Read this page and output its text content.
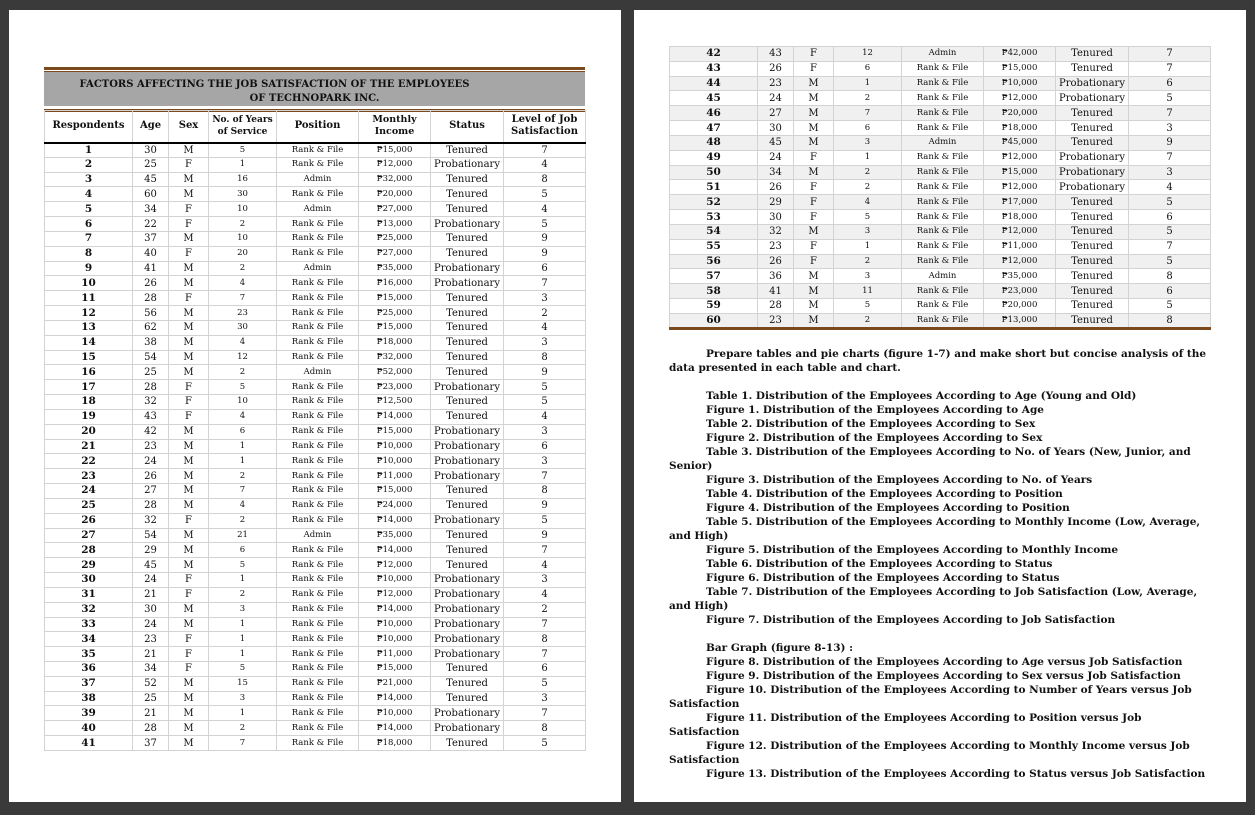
FACTORS AFFECTING THE JOB SATISFACTION OF THE EMPLOYEES
OF TECHNOPARK INC.
Respondents	Age	Sex	No. of Years of Service	Position	Monthly Income	Status	Level of Job Satisfaction
1	30	M	5	Rank & File	₱15,000	Tenured	7
2	25	F	1	Rank & File	₱12,000	Probationary	4
3	45	M	16	Admin	₱32,000	Tenured	8
4	60	M	30	Rank & File	₱20,000	Tenured	5
5	34	F	10	Admin	₱27,000	Tenured	4
6	22	F	2	Rank & File	₱13,000	Probationary	5
7	37	M	10	Rank & File	₱25,000	Tenured	9
8	40	F	20	Rank & File	₱27,000	Tenured	9
9	41	M	2	Admin	₱35,000	Probationary	6
10	26	M	4	Rank & File	₱16,000	Probationary	7
11	28	F	7	Rank & File	₱15,000	Tenured	3
12	56	M	23	Rank & File	₱25,000	Tenured	2
13	62	M	30	Rank & File	₱15,000	Tenured	4
14	38	M	4	Rank & File	₱18,000	Tenured	3
15	54	M	12	Rank & File	₱32,000	Tenured	8
16	25	M	2	Admin	₱52,000	Tenured	9
17	28	F	5	Rank & File	₱23,000	Probationary	5
18	32	F	10	Rank & File	₱12,500	Tenured	5
19	43	F	4	Rank & File	₱14,000	Tenured	4
20	42	M	6	Rank & File	₱15,000	Probationary	3
21	23	M	1	Rank & File	₱10,000	Probationary	6
22	24	M	1	Rank & File	₱10,000	Probationary	3
23	26	M	2	Rank & File	₱11,000	Probationary	7
24	27	M	7	Rank & File	₱15,000	Tenured	8
25	28	M	4	Rank & File	₱24,000	Tenured	9
26	32	F	2	Rank & File	₱14,000	Probationary	5
27	54	M	21	Admin	₱35,000	Tenured	9
28	29	M	6	Rank & File	₱14,000	Tenured	7
29	45	M	5	Rank & File	₱12,000	Tenured	4
30	24	F	1	Rank & File	₱10,000	Probationary	3
31	21	F	2	Rank & File	₱12,000	Probationary	4
32	30	M	3	Rank & File	₱14,000	Probationary	2
33	24	M	1	Rank & File	₱10,000	Probationary	7
34	23	F	1	Rank & File	₱10,000	Probationary	8
35	21	F	1	Rank & File	₱11,000	Probationary	7
36	34	F	5	Rank & File	₱15,000	Tenured	6
37	52	M	15	Rank & File	₱21,000	Tenured	5
38	25	M	3	Rank & File	₱14,000	Tenured	3
39	21	M	1	Rank & File	₱10,000	Probationary	7
40	28	M	2	Rank & File	₱14,000	Probationary	8
41	37	M	7	Rank & File	₱18,000	Tenured	5
42	43	F	12	Admin	₱42,000	Tenured	7
43	26	F	6	Rank & File	₱15,000	Tenured	7
44	23	M	1	Rank & File	₱10,000	Probationary	6
45	24	M	2	Rank & File	₱12,000	Probationary	5
46	27	M	7	Rank & File	₱20,000	Tenured	7
47	30	M	6	Rank & File	₱18,000	Tenured	3
48	45	M	3	Admin	₱45,000	Tenured	9
49	24	F	1	Rank & File	₱12,000	Probationary	7
50	34	M	2	Rank & File	₱15,000	Probationary	3
51	26	F	2	Rank & File	₱12,000	Probationary	4
52	29	F	4	Rank & File	₱17,000	Tenured	5
53	30	F	5	Rank & File	₱18,000	Tenured	6
54	32	M	3	Rank & File	₱12,000	Tenured	5
55	23	F	1	Rank & File	₱11,000	Tenured	7
56	26	F	2	Rank & File	₱12,000	Tenured	5
57	36	M	3	Admin	₱35,000	Tenured	8
58	41	M	11	Rank & File	₱23,000	Tenured	6
59	28	M	5	Rank & File	₱20,000	Tenured	5
60	23	M	2	Rank & File	₱13,000	Tenured	8

Prepare tables and pie charts (figure 1-7) and make short but concise analysis of the data presented in each table and chart.

Table 1. Distribution of the Employees According to Age (Young and Old)

Figure 1. Distribution of the Employees According to Age

Table 2. Distribution of the Employees According to Sex

Figure 2. Distribution of the Employees According to Sex

Table 3. Distribution of the Employees According to No. of Years (New, Junior, and Senior)

Figure 3. Distribution of the Employees According to No. of Years

Table 4. Distribution of the Employees According to Position

Figure 4. Distribution of the Employees According to Position

Table 5. Distribution of the Employees According to Monthly Income (Low, Average, and High)

Figure 5. Distribution of the Employees According to Monthly Income

Table 6. Distribution of the Employees According to Status

Figure 6. Distribution of the Employees According to Status

Table 7. Distribution of the Employees According to Job Satisfaction (Low, Average, and High)

Figure 7. Distribution of the Employees According to Job Satisfaction

Bar Graph (figure 8-13) :

Figure 8. Distribution of the Employees According to Age versus Job Satisfaction

Figure 9. Distribution of the Employees According to Sex versus Job Satisfaction

Figure 10. Distribution of the Employees According to Number of Years versus Job Satisfaction

Figure 11. Distribution of the Employees According to Position versus Job Satisfaction

Figure 12. Distribution of the Employees According to Monthly Income versus Job Satisfaction

Figure 13. Distribution of the Employees According to Status versus Job Satisfaction
